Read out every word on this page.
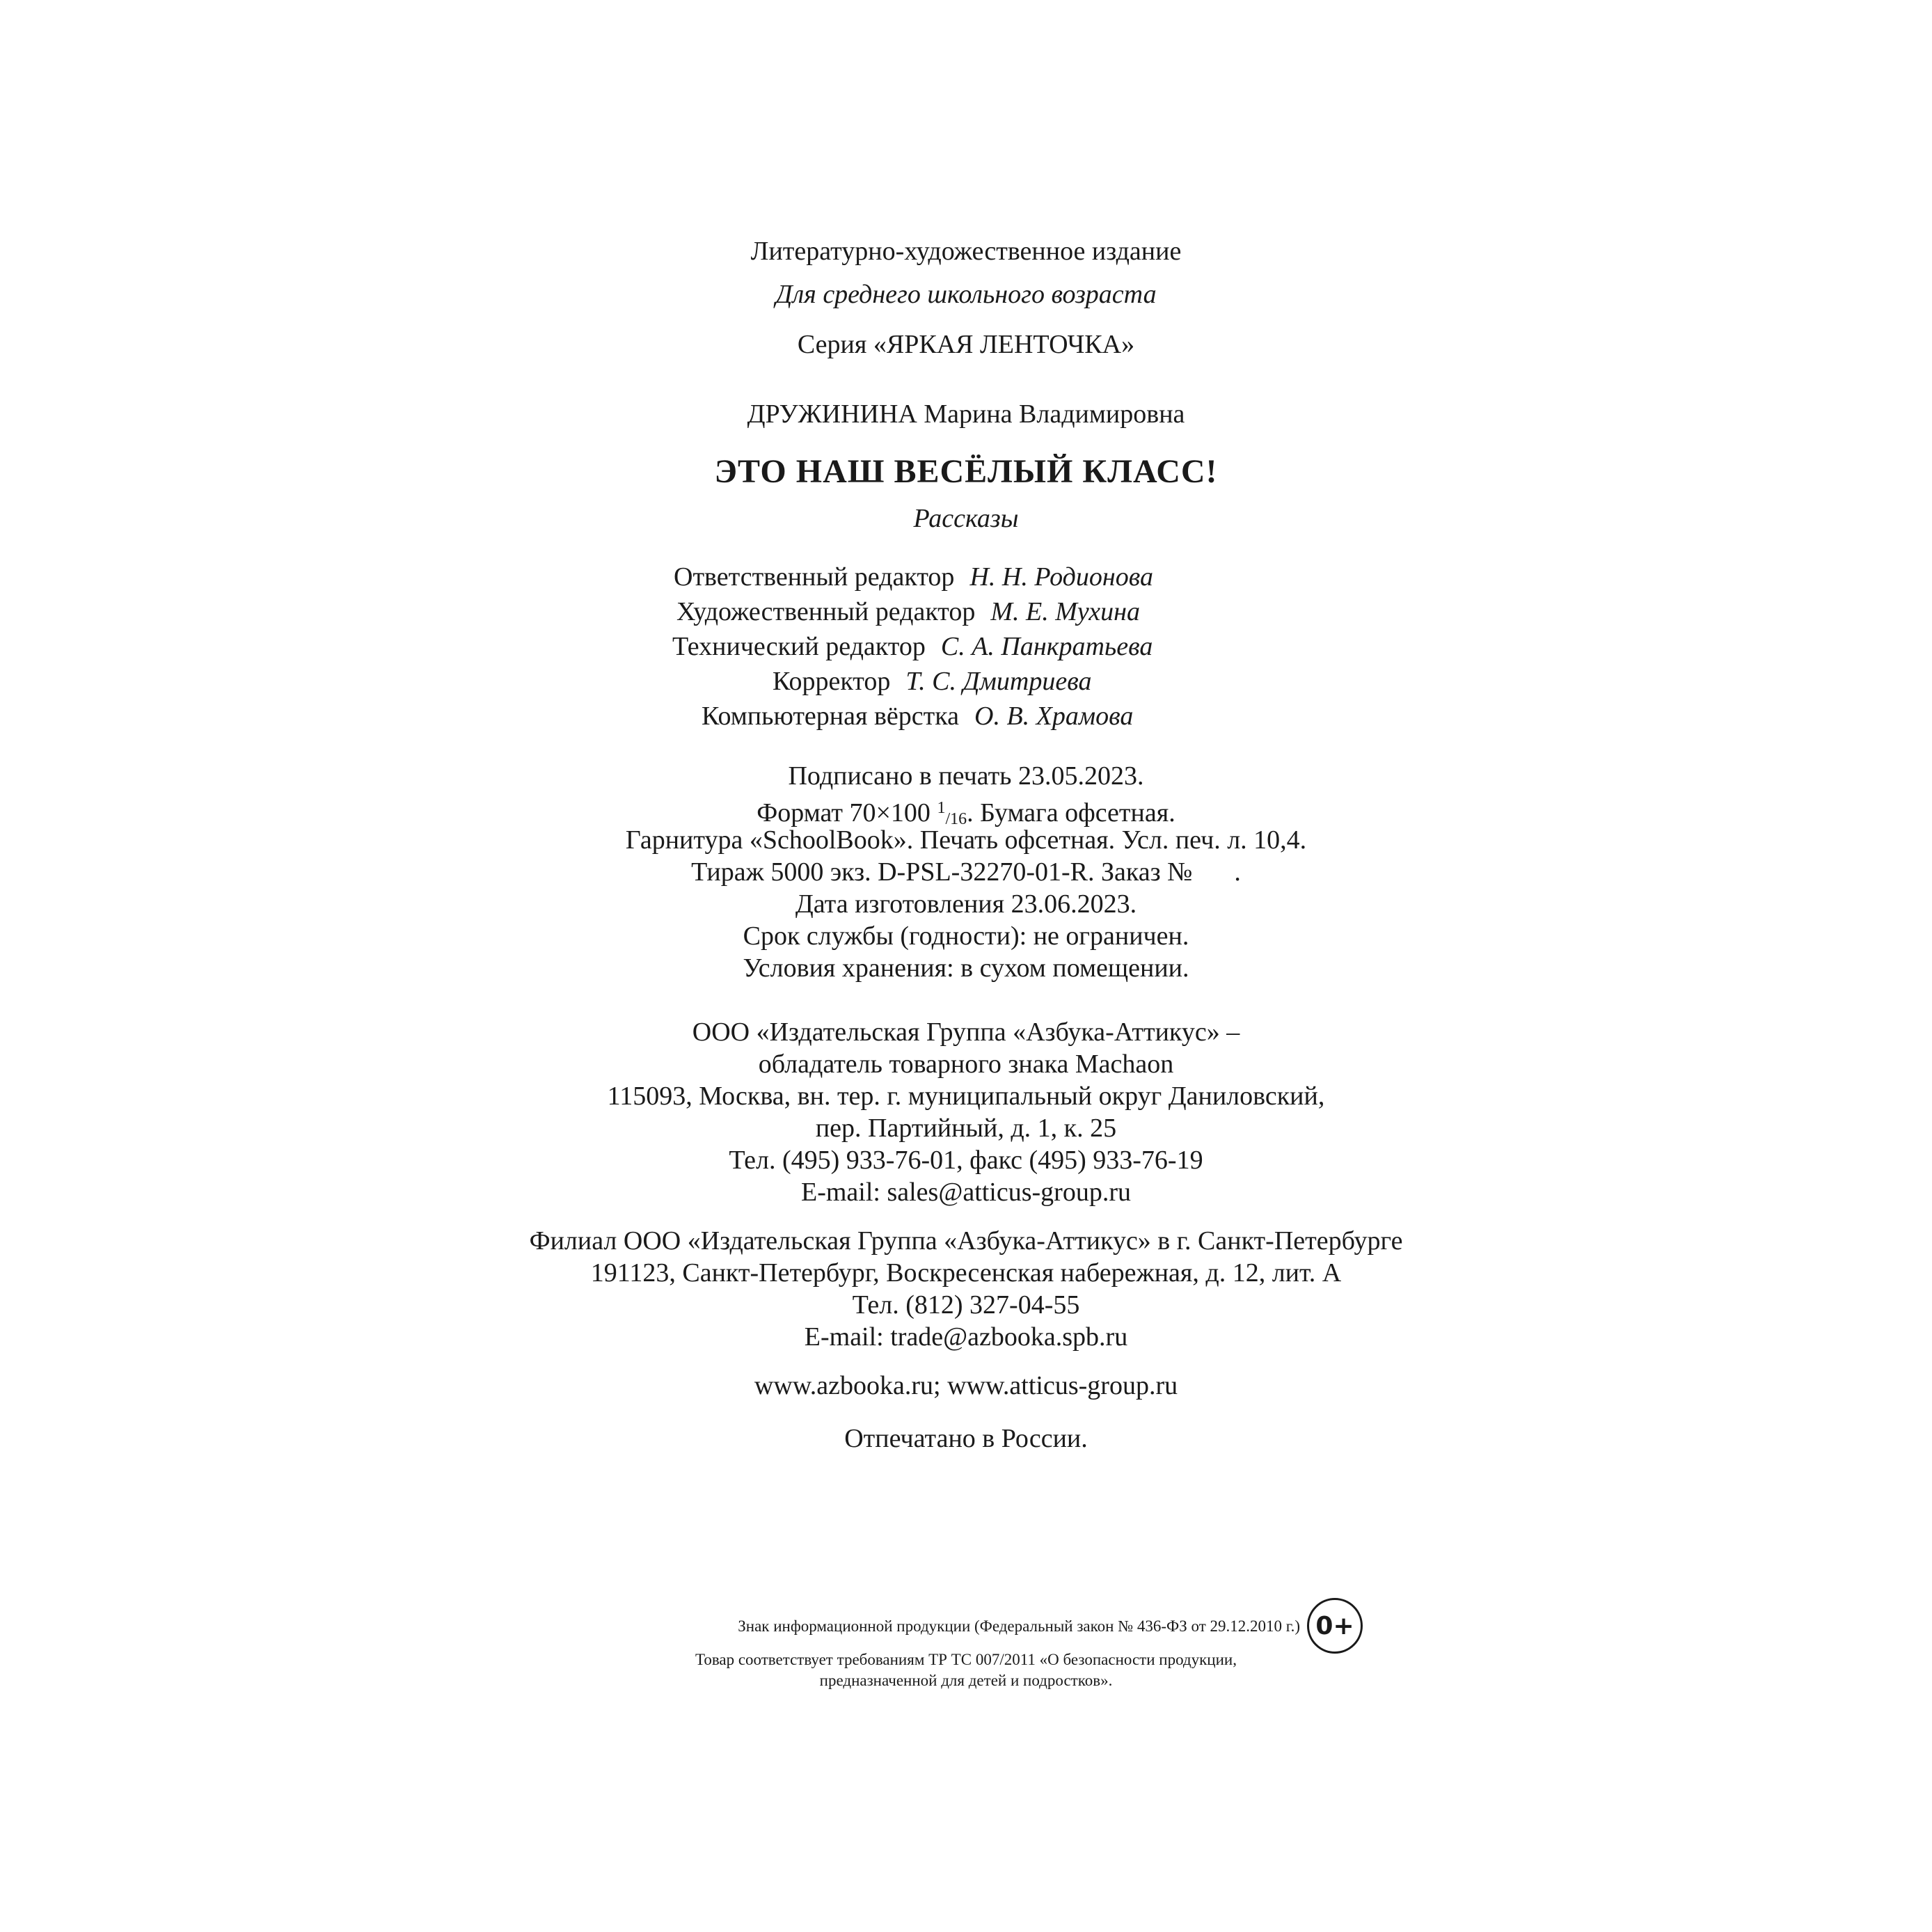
Литературно-художественное издание
Для среднего школьного возраста
Серия «ЯРКАЯ ЛЕНТОЧКА»
ДРУЖИНИНА Марина Владимировна
ЭТО НАШ ВЕСЁЛЫЙ КЛАСС!
Рассказы
Ответственный редактор Н. Н. Родионова
Художественный редактор М. Е. Мухина
Технический редактор С. А. Панкратьева
Корректор Т. С. Дмитриева
Компьютерная вёрстка О. В. Храмова
Подписано в печать 23.05.2023.
Формат 70×100 $^1$/16. Бумага офсетная.
Гарнитура «SchoolBook». Печать офсетная. Усл. печ. л. 10,4.
Тираж 5000 экз. D-PSL-32270-01-R. Заказ № .
Дата изготовления 23.06.2023.
Срок службы (годности): не ограничен.
Условия хранения: в сухом помещении.
ООО «Издательская Группа «Азбука-Аттикус» –
обладатель товарного знака Machaon
115093, Москва, вн. тер. г. муниципальный округ Даниловский,
пер. Партийный, д. 1, к. 25
Тел. (495) 933-76-01, факс (495) 933-76-19
E-mail: sales@atticus-group.ru
Филиал ООО «Издательская Группа «Азбука-Аттикус» в г. Санкт-Петербурге
191123, Санкт-Петербург, Воскресенская набережная, д. 12, лит. А
Тел. (812) 327-04-55
E-mail: trade@azbooka.spb.ru
www.azbooka.ru; www.atticus-group.ru
Отпечатано в России.
Знак информационной продукции (Федеральный закон № 436-ФЗ от 29.12.2010 г.) 0+
Товар соответствует требованиям ТР ТС 007/2011 «О безопасности продукции,
предназначенной для детей и подростков».
